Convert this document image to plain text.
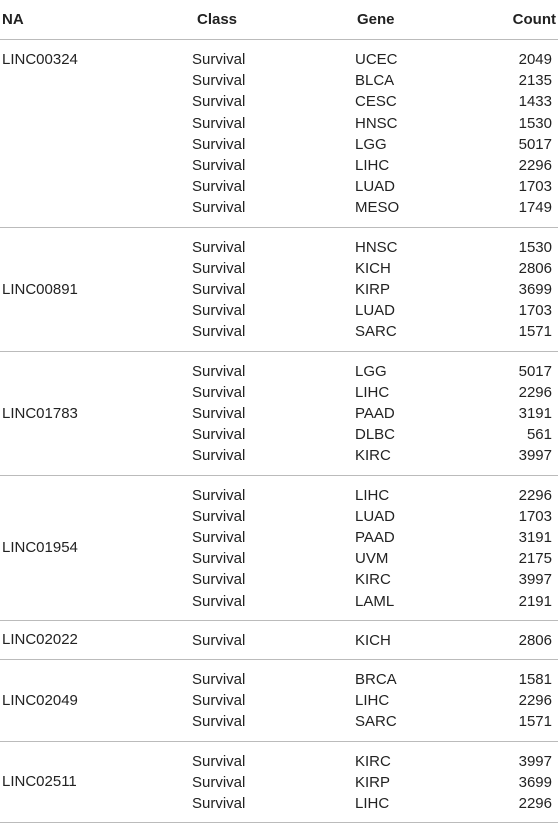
NA	Class	Gene	Count
LINC00324	Survival	UCEC	2049
Survival	BLCA	2135
Survival	CESC	1433
Survival	HNSC	1530
Survival	LGG	5017
Survival	LIHC	2296
Survival	LUAD	1703
Survival	MESO	1749
LINC00891
Survival	HNSC	1530
Survival	KICH	2806
Survival	KIRP	3699
Survival	LUAD	1703
Survival	SARC	1571
LINC01783
Survival	LGG	5017
Survival	LIHC	2296
Survival	PAAD	3191
Survival	DLBC	561
Survival	KIRC	3997
LINC01954
Survival	LIHC	2296
Survival	LUAD	1703
Survival	PAAD	3191
Survival	UVM	2175
Survival	KIRC	3997
Survival	LAML	2191
LINC02022	Survival	KICH	2806
LINC02049
Survival	BRCA	1581
Survival	LIHC	2296
Survival	SARC	1571
LINC02511
Survival	KIRC	3997
Survival	KIRP	3699
Survival	LIHC	2296
